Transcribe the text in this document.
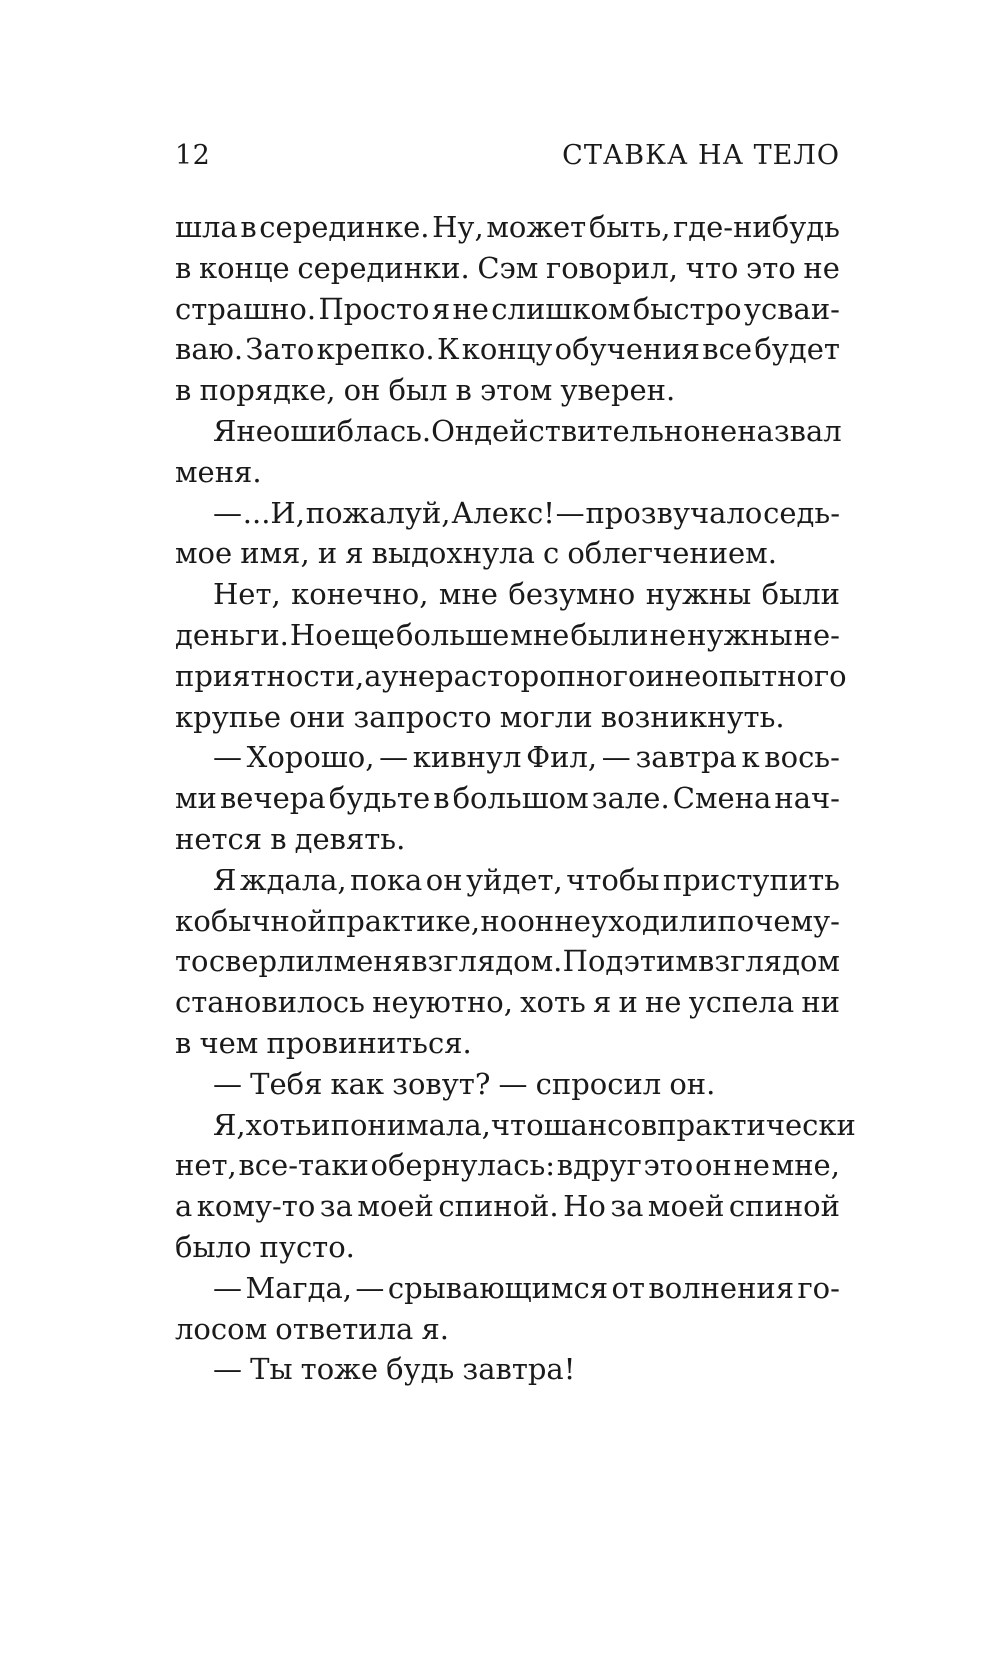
12	СТАВКА НА ТЕЛО
шла в серединке. Ну, может быть, где-нибудь
в конце серединки. Сэм говорил, что это не
страшно. Просто я не слишком быстро усваи-
ваю. Зато крепко. К концу обучения все будет
в порядке, он был в этом уверен.
Я не ошиблась. Он действительно не назвал
меня.
— ...И, пожалуй, Алекс! — прозвучало седь-
мое имя, и я выдохнула с облегчением.
Нет, конечно, мне безумно нужны были
деньги. Но еще больше мне были не нужны не-
приятности, а у нерасторопного и неопытного
крупье они запросто могли возникнуть.
— Хорошо, — кивнул Фил, — завтра к вось-
ми вечера будьте в большом зале. Смена нач-
нется в девять.
Я ждала, пока он уйдет, чтобы приступить
к обычной практике, но он не уходил и почему-
то сверлил меня взглядом. Под этим взглядом
становилось неуютно, хоть я и не успела ни
в чем провиниться.
— Тебя как зовут? — спросил он.
Я, хоть и понимала, что шансов практически
нет, все-таки обернулась: вдруг это он не мне,
а кому-то за моей спиной. Но за моей спиной
было пусто.
— Магда, — срывающимся от волнения го-
лосом ответила я.
— Ты тоже будь завтра!
